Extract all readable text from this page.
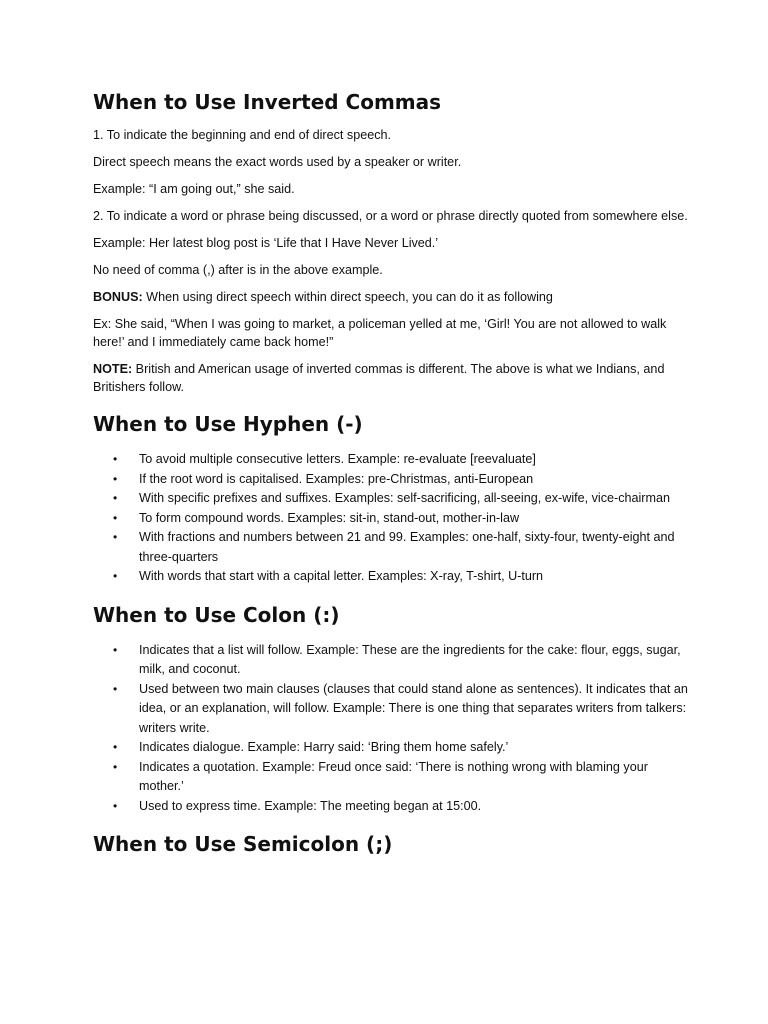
When to Use Inverted Commas

1. To indicate the beginning and end of direct speech.

Direct speech means the exact words used by a speaker or writer.

Example: “I am going out,” she said.

2. To indicate a word or phrase being discussed, or a word or phrase directly quoted from somewhere else.

Example: Her latest blog post is ‘Life that I Have Never Lived.’

No need of comma (,) after is in the above example.

BONUS: When using direct speech within direct speech, you can do it as following

Ex: She said, “When I was going to market, a policeman yelled at me, ‘Girl! You are not allowed to walk here!’ and I immediately came back home!”

NOTE: British and American usage of inverted commas is different. The above is what we Indians, and Britishers follow.

When to Use Hyphen (-)
• To avoid multiple consecutive letters. Example: re-evaluate [reevaluate]
• If the root word is capitalised. Examples: pre-Christmas, anti-European
• With specific prefixes and suffixes. Examples: self-sacrificing, all-seeing, ex-wife, vice-chairman
• To form compound words. Examples: sit-in, stand-out, mother-in-law
• With fractions and numbers between 21 and 99. Examples: one-half, sixty-four, twenty-eight and three-quarters
• With words that start with a capital letter. Examples: X-ray, T-shirt, U-turn
When to Use Colon (:)
• Indicates that a list will follow. Example: These are the ingredients for the cake: flour, eggs, sugar, milk, and coconut.
• Used between two main clauses (clauses that could stand alone as sentences). It indicates that an idea, or an explanation, will follow. Example: There is one thing that separates writers from talkers: writers write.
• Indicates dialogue. Example: Harry said: ‘Bring them home safely.’
• Indicates a quotation. Example: Freud once said: ‘There is nothing wrong with blaming your mother.’
• Used to express time. Example: The meeting began at 15:00.
When to Use Semicolon (;)
